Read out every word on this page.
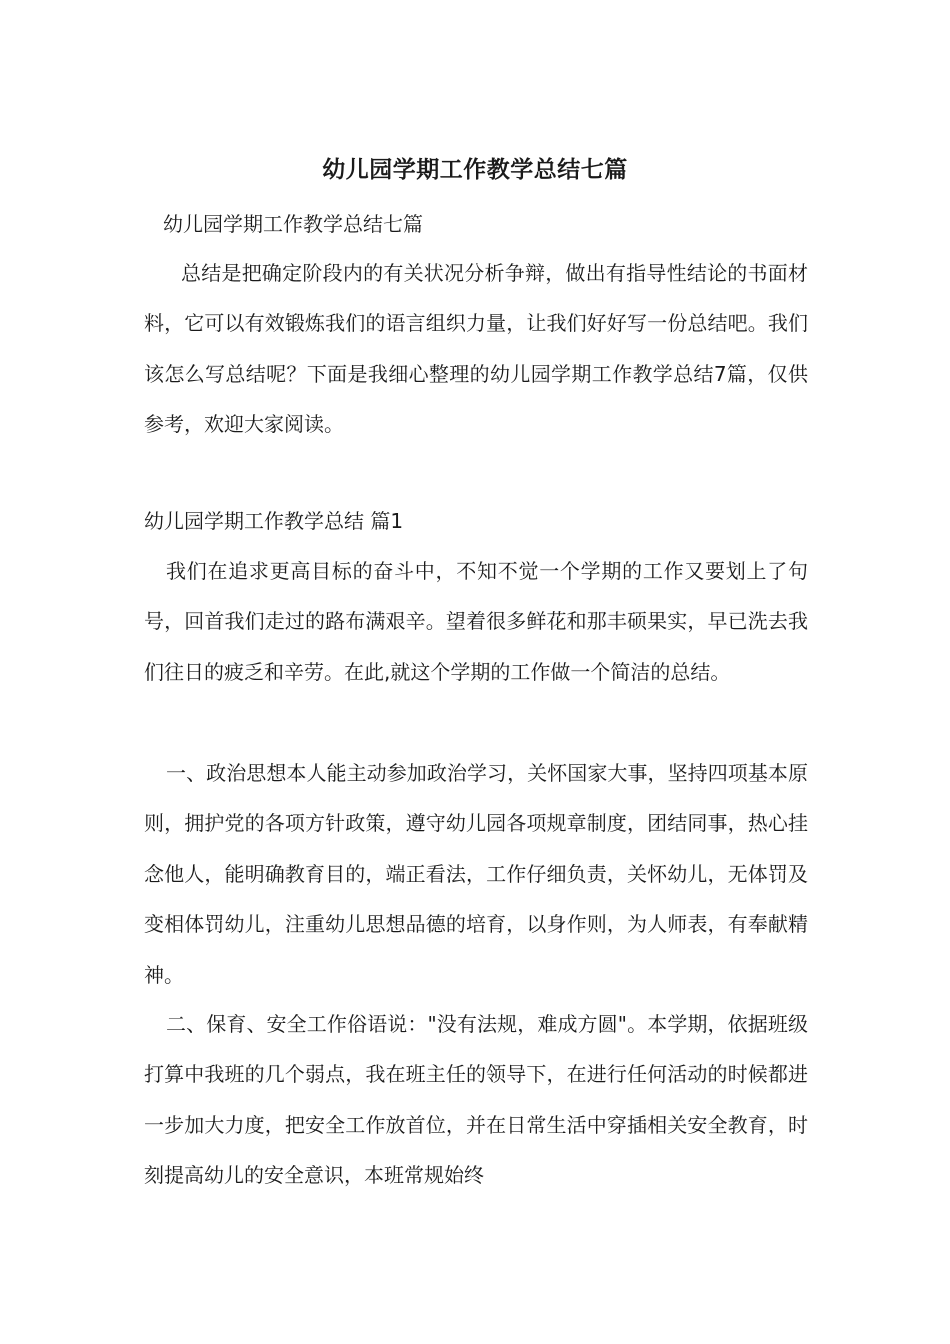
幼儿园学期工作教学总结七篇
幼儿园学期工作教学总结七篇

总结是把确定阶段内的有关状况分析争辩，做出有指导性结论的书面材料，它可以有效锻炼我们的语言组织力量，让我们好好写一份总结吧。我们该怎么写总结呢？下面是我细心整理的幼儿园学期工作教学总结7篇，仅供参考，欢迎大家阅读。

幼儿园学期工作教学总结 篇1

我们在追求更高目标的奋斗中，不知不觉一个学期的工作又要划上了句号，回首我们走过的路布满艰辛。望着很多鲜花和那丰硕果实，早已洗去我们往日的疲乏和辛劳。在此,就这个学期的工作做一个简洁的总结。

一、政治思想本人能主动参加政治学习，关怀国家大事，坚持四项基本原则，拥护党的各项方针政策，遵守幼儿园各项规章制度，团结同事，热心挂念他人，能明确教育目的，端正看法，工作仔细负责，关怀幼儿，无体罚及变相体罚幼儿，注重幼儿思想品德的培育，以身作则，为人师表，有奉献精神。

二、保育、安全工作俗语说："没有法规，难成方圆"。本学期，依据班级打算中我班的几个弱点，我在班主任的领导下，在进行任何活动的时候都进一步加大力度，把安全工作放首位，并在日常生活中穿插相关安全教育，时刻提高幼儿的安全意识，本班常规始终
